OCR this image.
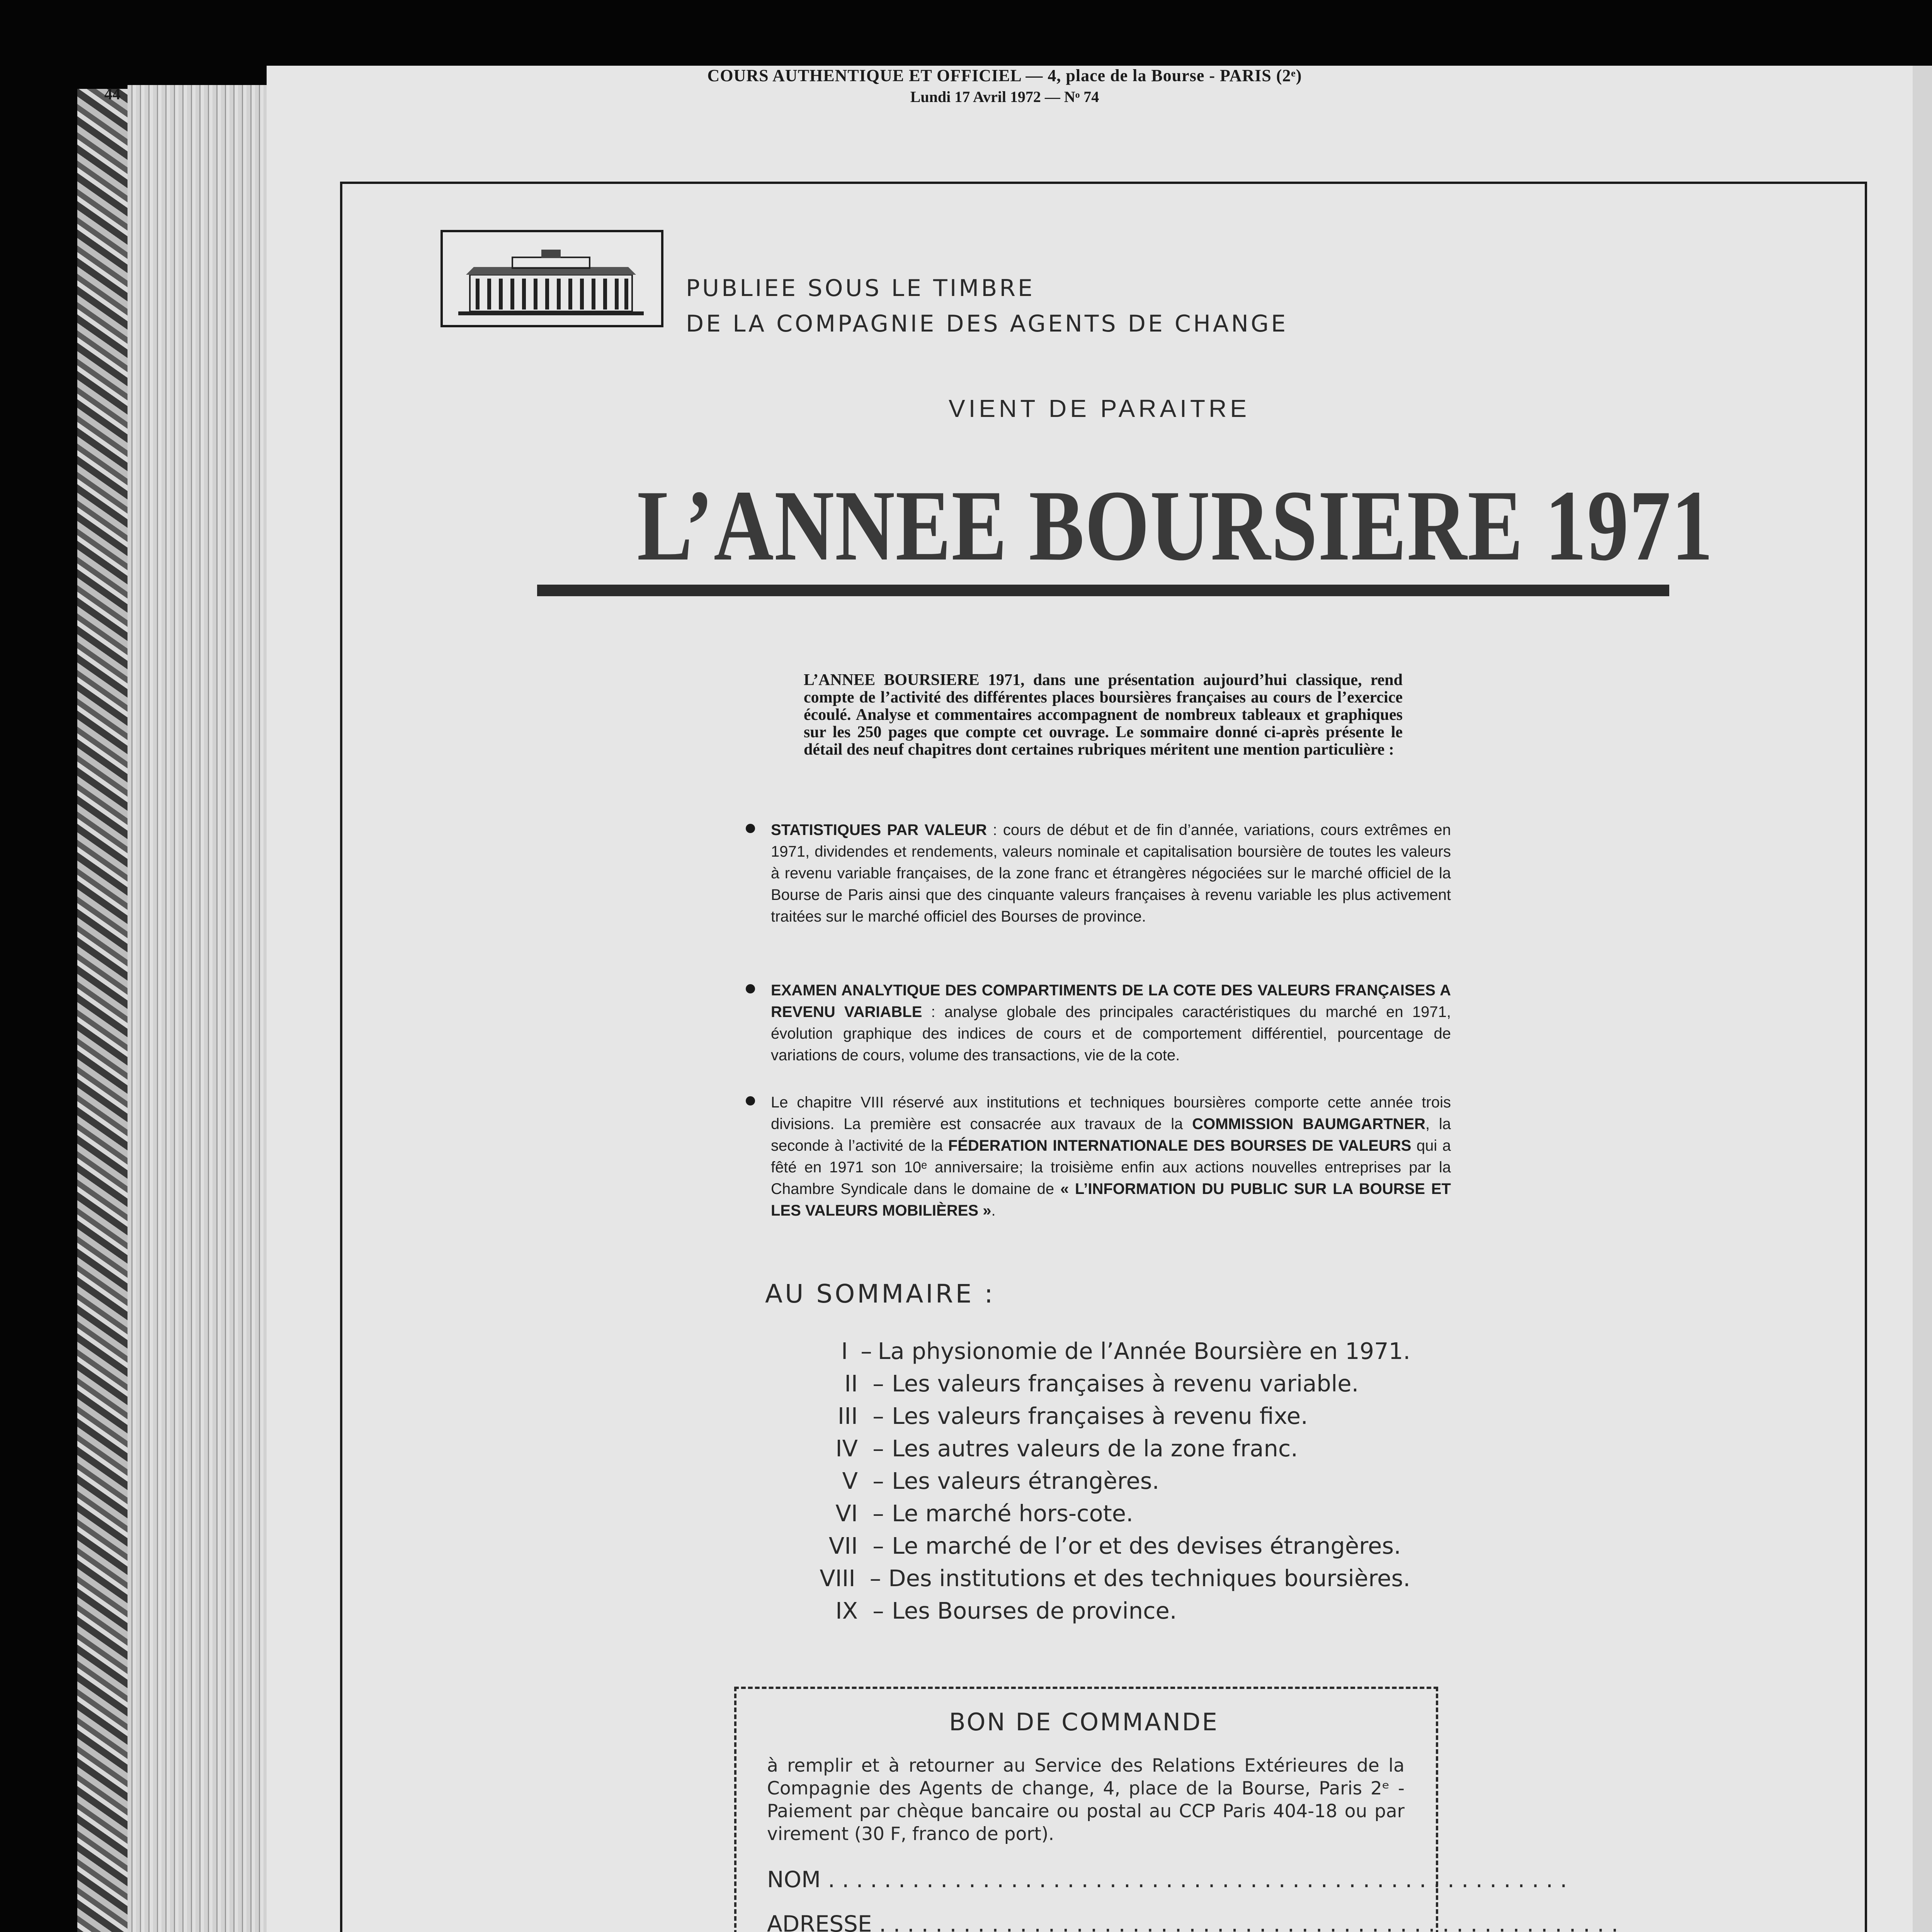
44
COURS AUTHENTIQUE ET OFFICIEL — 4, place de la Bourse - PARIS (2ᵉ)
Lundi 17 Avril 1972 — Nᵒ 74
PUBLIEE SOUS LE TIMBRE
DE LA COMPAGNIE DES AGENTS DE CHANGE
VIENT DE PARAITRE
L’ANNEE BOURSIERE 1971
L’ANNEE BOURSIERE 1971, dans une présentation aujourd’hui classique, rend compte de l’activité des différentes places boursières françaises au cours de l’exercice écoulé. Analyse et commentaires accompagnent de nombreux tableaux et graphiques sur les 250 pages que compte cet ouvrage. Le sommaire donné ci-après présente le détail des neuf chapitres dont certaines rubriques méritent une mention particulière :
STATISTIQUES PAR VALEUR : cours de début et de fin d’année, variations, cours extrêmes en 1971, dividendes et rendements, valeurs nominale et capitalisation boursière de toutes les valeurs à revenu variable françaises, de la zone franc et étrangères négociées sur le marché officiel de la Bourse de Paris ainsi que des cinquante valeurs françaises à revenu variable les plus activement traitées sur le marché officiel des Bourses de province.
EXAMEN ANALYTIQUE DES COMPARTIMENTS DE LA COTE DES VALEURS FRANÇAISES A REVENU VARIABLE : analyse globale des principales caractéristiques du marché en 1971, évolution graphique des indices de cours et de comportement différentiel, pourcentage de variations de cours, volume des transactions, vie de la cote.
Le chapitre VIII réservé aux institutions et techniques boursières comporte cette année trois divisions. La première est consacrée aux travaux de la COMMISSION BAUMGARTNER, la seconde à l’activité de la FÉDERATION INTERNATIONALE DES BOURSES DE VALEURS qui a fêté en 1971 son 10ᵉ anniversaire; la troisième enfin aux actions nouvelles entreprises par la Chambre Syndicale dans le domaine de « L’INFORMATION DU PUBLIC SUR LA BOURSE ET LES VALEURS MOBILIÈRES ».
AU SOMMAIRE :
I – La physionomie de l’Année Boursière en 1971.
II – Les valeurs françaises à revenu variable.
III – Les valeurs françaises à revenu fixe.
IV – Les autres valeurs de la zone franc.
V – Les valeurs étrangères.
VI – Le marché hors-cote.
VII – Le marché de l’or et des devises étrangères.
VIII – Des institutions et des techniques boursières.
IX – Les Bourses de province.
BON DE COMMANDE
à remplir et à retourner au Service des Relations Extérieures de la Compagnie des Agents de change, 4, place de la Bourse, Paris 2ᵉ - Paiement par chèque bancaire ou postal au CCP Paris 404-18 ou par virement (30 F, franco de port).
NOM .....................................................
ADRESSE .....................................................
